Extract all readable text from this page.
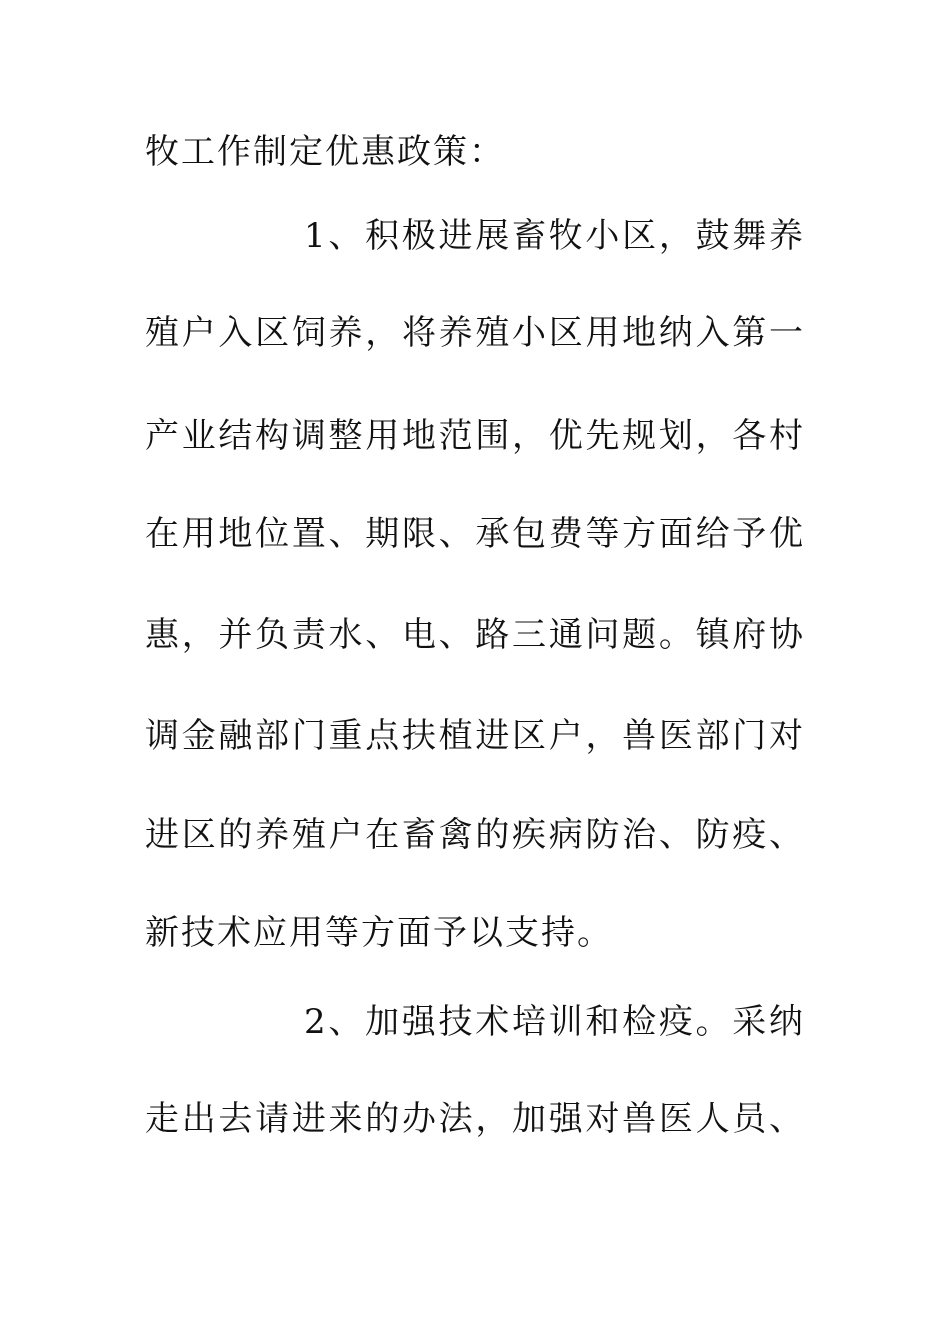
牧工作制定优惠政策：
1、积极进展畜牧小区，鼓舞养
殖户入区饲养，将养殖小区用地纳入第一
产业结构调整用地范围，优先规划，各村
在用地位置、期限、承包费等方面给予优
惠，并负责水、电、路三通问题。镇府协
调金融部门重点扶植进区户，兽医部门对
进区的养殖户在畜禽的疾病防治、防疫、
新技术应用等方面予以支持。
2、加强技术培训和检疫。采纳
走出去请进来的办法，加强对兽医人员、
